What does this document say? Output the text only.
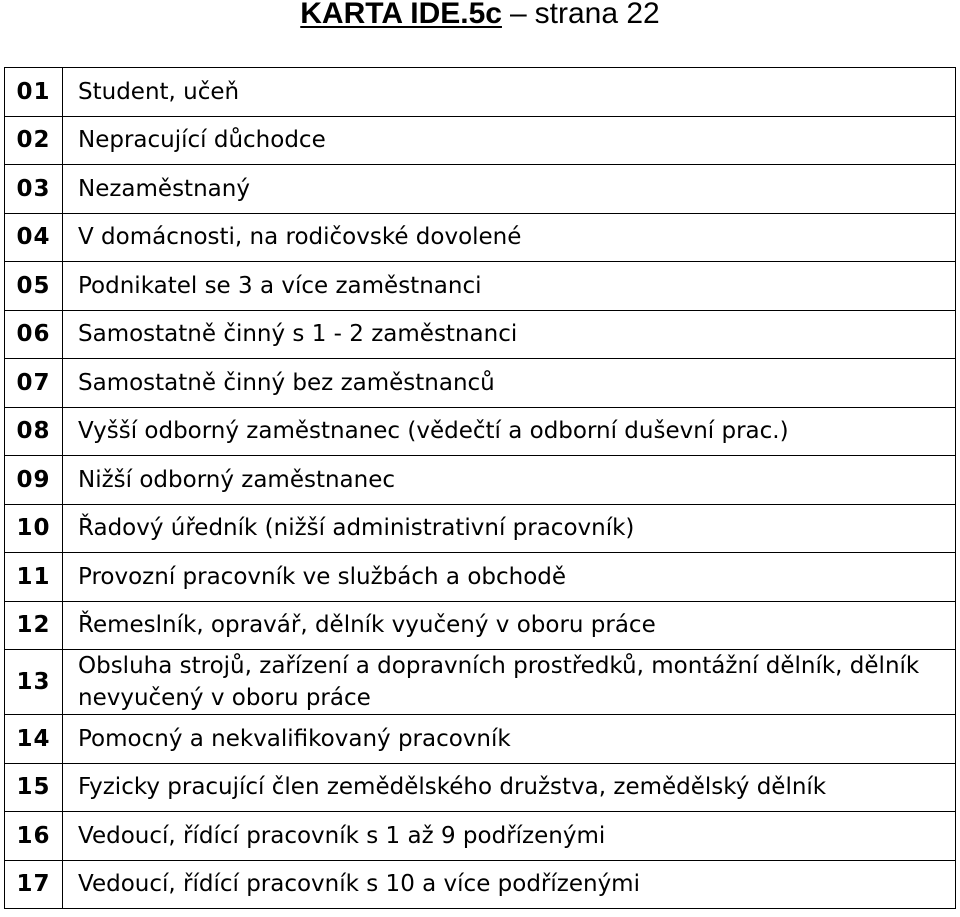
KARTA IDE.5c – strana 22
01	Student, učeň
02	Nepracující důchodce
03	Nezaměstnaný
04	V domácnosti, na rodičovské dovolené
05	Podnikatel se 3 a více zaměstnanci
06	Samostatně činný s 1 - 2 zaměstnanci
07	Samostatně činný bez zaměstnanců
08	Vyšší odborný zaměstnanec (vědečtí a odborní duševní prac.)
09	Nižší odborný zaměstnanec
10	Řadový úředník (nižší administrativní pracovník)
11	Provozní pracovník ve službách a obchodě
12	Řemeslník, opravář, dělník vyučený v oboru práce
13	Obsluha strojů, zařízení a dopravních prostředků, montážní dělník, dělník nevyučený v oboru práce
14	Pomocný a nekvalifikovaný pracovník
15	Fyzicky pracující člen zemědělského družstva, zemědělský dělník
16	Vedoucí, řídící pracovník s 1 až 9 podřízenými
17	Vedoucí, řídící pracovník s 10 a více podřízenými
